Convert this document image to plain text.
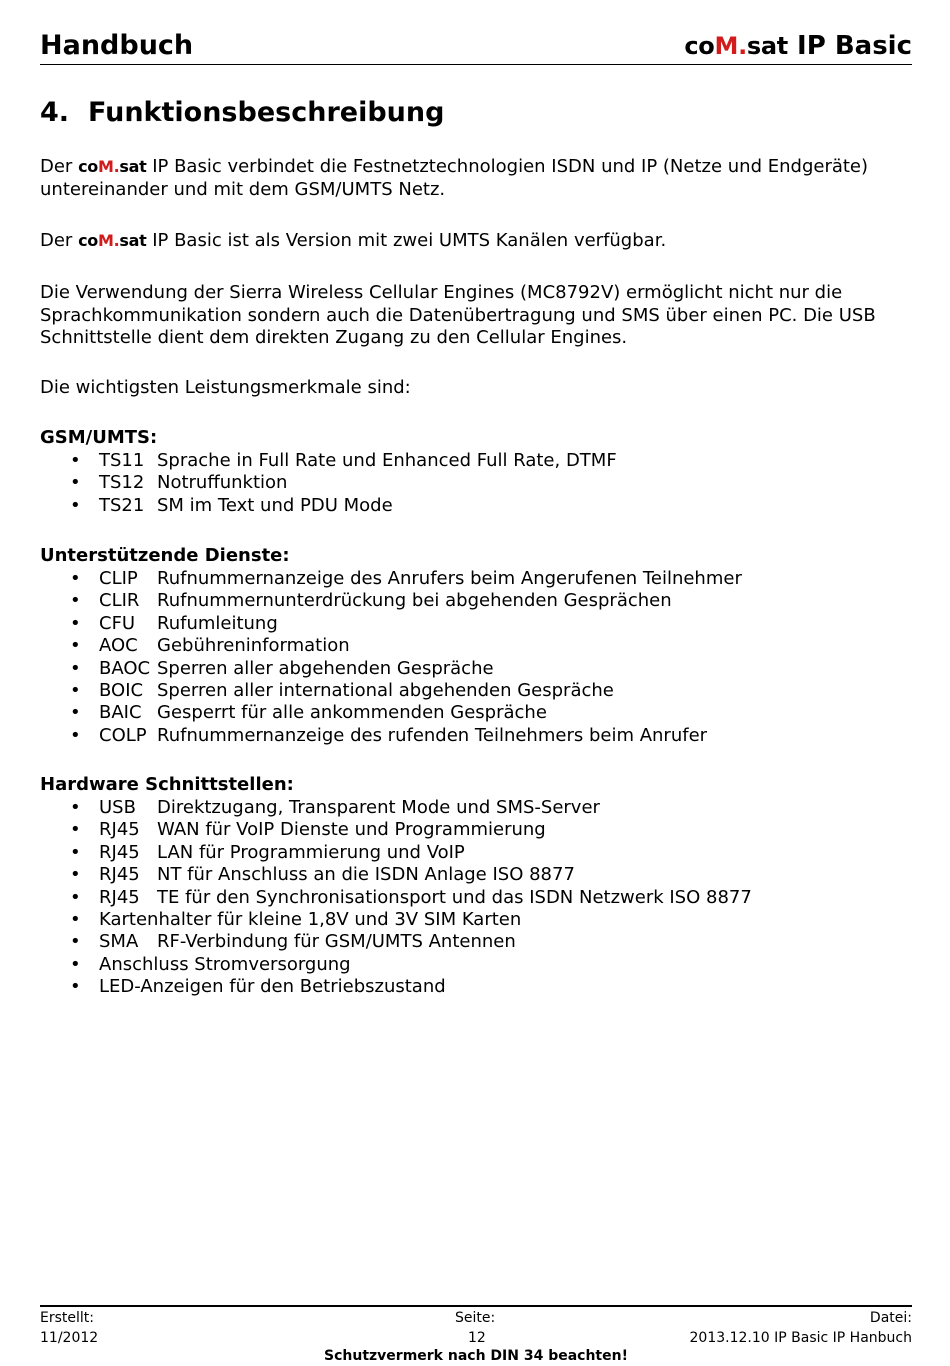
Handbuch	coM.sat IP Basic
4. Funktionsbeschreibung

Der coM.sat IP Basic verbindet die Festnetztechnologien ISDN und IP (Netze und Endgeräte) untereinander und mit dem GSM/UMTS Netz.

Der coM.sat IP Basic ist als Version mit zwei UMTS Kanälen verfügbar.

Die Verwendung der Sierra Wireless Cellular Engines (MC8792V) ermöglicht nicht nur die Sprachkommunikation sondern auch die Datenübertragung und SMS über einen PC. Die USB Schnittstelle dient dem direkten Zugang zu den Cellular Engines.

Die wichtigsten Leistungsmerkmale sind:

GSM/UMTS:

• TS11 Sprache in Full Rate und Enhanced Full Rate, DTMF
• TS12 Notruffunktion
• TS21 SM im Text und PDU Mode

Unterstützende Dienste:

• CLIP Rufnummernanzeige des Anrufers beim Angerufenen Teilnehmer
• CLIR Rufnummernunterdrückung bei abgehenden Gesprächen
• CFU Rufumleitung
• AOC Gebühreninformation
• BAOC Sperren aller abgehenden Gespräche
• BOIC Sperren aller international abgehenden Gespräche
• BAIC Gesperrt für alle ankommenden Gespräche
• COLP Rufnummernanzeige des rufenden Teilnehmers beim Anrufer

Hardware Schnittstellen:

• USB Direktzugang, Transparent Mode und SMS-Server
• RJ45 WAN für VoIP Dienste und Programmierung
• RJ45 LAN für Programmierung und VoIP
• RJ45 NT für Anschluss an die ISDN Anlage ISO 8877
• RJ45 TE für den Synchronisationsport und das ISDN Netzwerk ISO 8877
• Kartenhalter für kleine 1,8V und 3V SIM Karten
• SMA RF-Verbindung für GSM/UMTS Antennen
• Anschluss Stromversorgung
• LED-Anzeigen für den Betriebszustand
Erstellt:
11/2012
Seite:
12
Datei:
2013.12.10 IP Basic IP Hanbuch
Schutzvermerk nach DIN 34 beachten!
